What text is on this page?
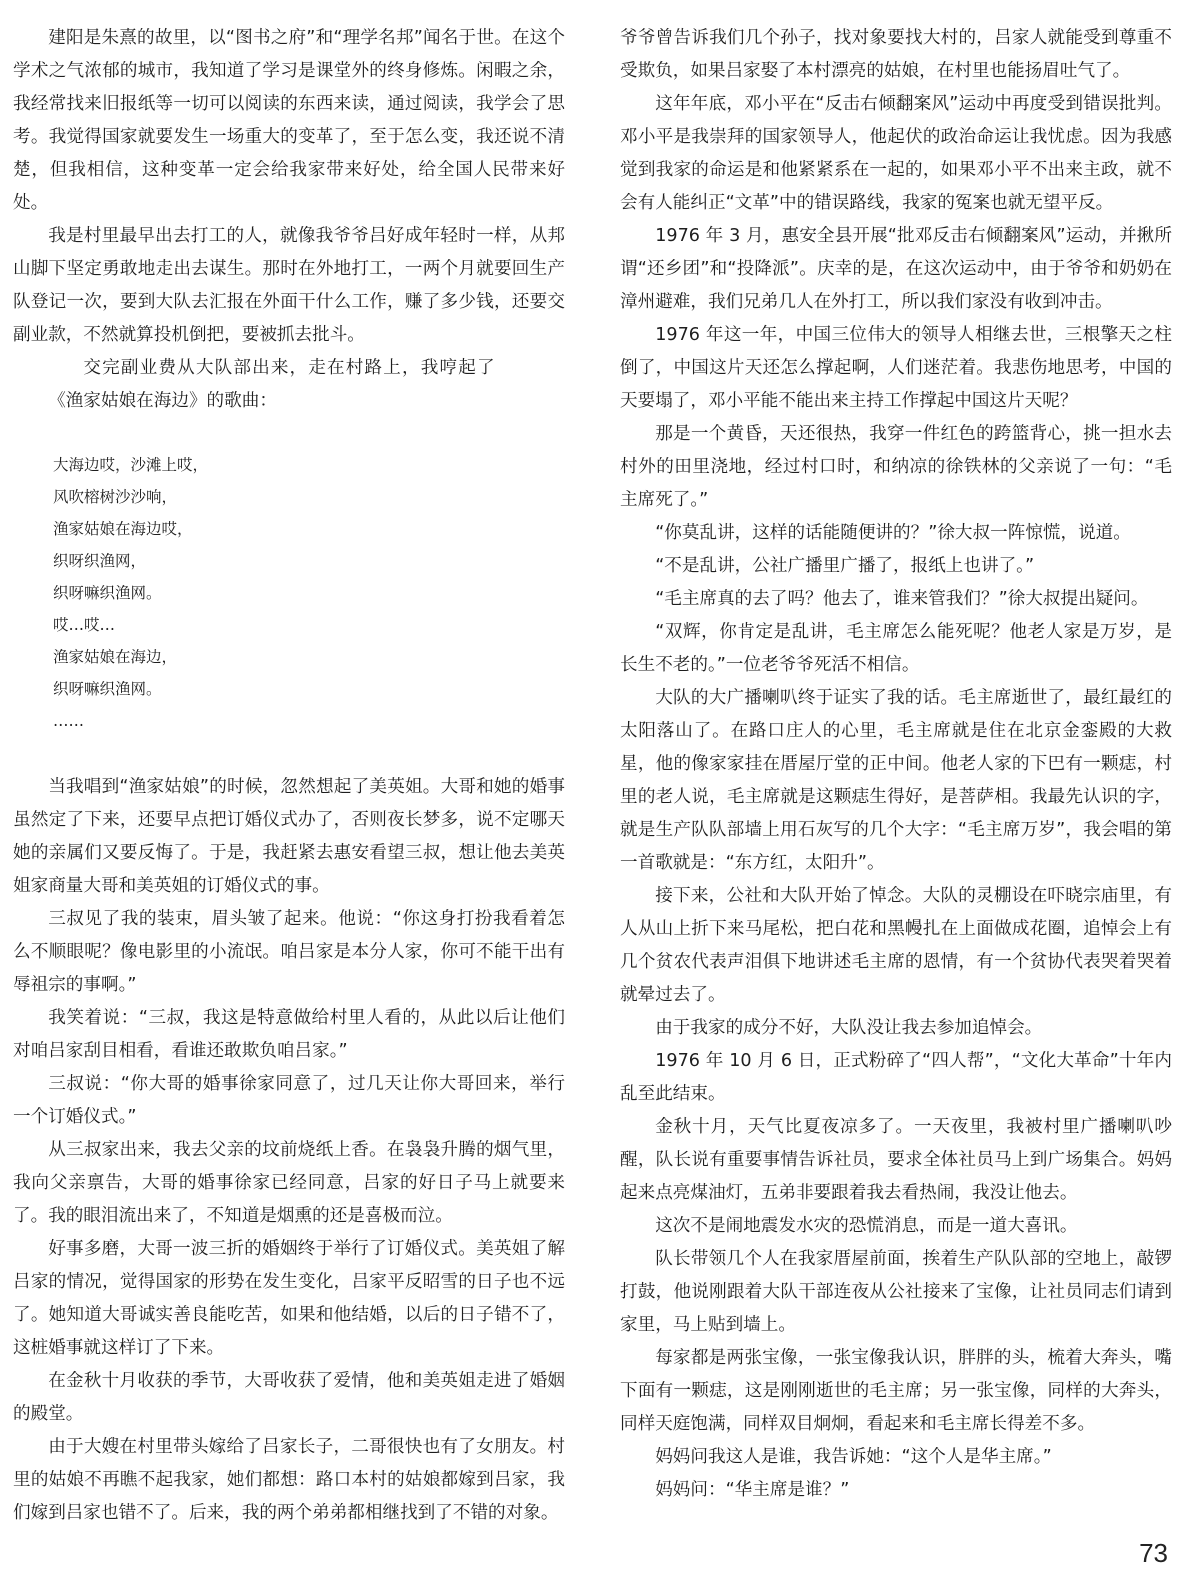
建阳是朱熹的故里，以“图书之府”和“理学名邦”闻名于世。在这个学术之气浓郁的城市，我知道了学习是课堂外的终身修炼。闲暇之余，我经常找来旧报纸等一切可以阅读的东西来读，通过阅读，我学会了思考。我觉得国家就要发生一场重大的变革了，至于怎么变，我还说不清楚，但我相信，这种变革一定会给我家带来好处，给全国人民带来好处。

我是村里最早出去打工的人，就像我爷爷吕好成年轻时一样，从邦山脚下坚定勇敢地走出去谋生。那时在外地打工，一两个月就要回生产队登记一次，要到大队去汇报在外面干什么工作，赚了多少钱，还要交副业款，不然就算投机倒把，要被抓去批斗。

交完副业费从大队部出来，走在村路上，我哼起了《渔家姑娘在海边》的歌曲：

大海边哎，沙滩上哎，
风吹榕树沙沙响，
渔家姑娘在海边哎，
织呀织渔网，
织呀嘛织渔网。
哎…哎…
渔家姑娘在海边，
织呀嘛织渔网。
……

当我唱到“渔家姑娘”的时候，忽然想起了美英姐。大哥和她的婚事虽然定了下来，还要早点把订婚仪式办了，否则夜长梦多，说不定哪天她的亲属们又要反悔了。于是，我赶紧去惠安看望三叔，想让他去美英姐家商量大哥和美英姐的订婚仪式的事。

三叔见了我的装束，眉头皱了起来。他说：“你这身打扮我看着怎么不顺眼呢？像电影里的小流氓。咱吕家是本分人家，你可不能干出有辱祖宗的事啊。”

我笑着说：“三叔，我这是特意做给村里人看的，从此以后让他们对咱吕家刮目相看，看谁还敢欺负咱吕家。”

三叔说：“你大哥的婚事徐家同意了，过几天让你大哥回来，举行一个订婚仪式。”

从三叔家出来，我去父亲的坟前烧纸上香。在袅袅升腾的烟气里，我向父亲禀告，大哥的婚事徐家已经同意，吕家的好日子马上就要来了。我的眼泪流出来了，不知道是烟熏的还是喜极而泣。

好事多磨，大哥一波三折的婚姻终于举行了订婚仪式。美英姐了解吕家的情况，觉得国家的形势在发生变化，吕家平反昭雪的日子也不远了。她知道大哥诚实善良能吃苦，如果和他结婚，以后的日子错不了，这桩婚事就这样订了下来。

在金秋十月收获的季节，大哥收获了爱情，他和美英姐走进了婚姻的殿堂。

由于大嫂在村里带头嫁给了吕家长子，二哥很快也有了女朋友。村里的姑娘不再瞧不起我家，她们都想：路口本村的姑娘都嫁到吕家，我们嫁到吕家也错不了。后来，我的两个弟弟都相继找到了不错的对象。

爷爷曾告诉我们几个孙子，找对象要找大村的，吕家人就能受到尊重不受欺负，如果吕家娶了本村漂亮的姑娘，在村里也能扬眉吐气了。

这年年底，邓小平在“反击右倾翻案风”运动中再度受到错误批判。邓小平是我崇拜的国家领导人，他起伏的政治命运让我忧虑。因为我感觉到我家的命运是和他紧紧系在一起的，如果邓小平不出来主政，就不会有人能纠正“文革”中的错误路线，我家的冤案也就无望平反。

1976 年 3 月，惠安全县开展“批邓反击右倾翻案风”运动，并揪所谓“还乡团”和“投降派”。庆幸的是，在这次运动中，由于爷爷和奶奶在漳州避难，我们兄弟几人在外打工，所以我们家没有收到冲击。

1976 年这一年，中国三位伟大的领导人相继去世，三根擎天之柱倒了，中国这片天还怎么撑起啊，人们迷茫着。我悲伤地思考，中国的天要塌了，邓小平能不能出来主持工作撑起中国这片天呢？

那是一个黄昏，天还很热，我穿一件红色的跨篮背心，挑一担水去村外的田里浇地，经过村口时，和纳凉的徐铁林的父亲说了一句：“毛主席死了。”

“你莫乱讲，这样的话能随便讲的？”徐大叔一阵惊慌，说道。

“不是乱讲，公社广播里广播了，报纸上也讲了。”

“毛主席真的去了吗？他去了，谁来管我们？”徐大叔提出疑问。

“双辉，你肯定是乱讲，毛主席怎么能死呢？他老人家是万岁，是长生不老的。”一位老爷爷死活不相信。

大队的大广播喇叭终于证实了我的话。毛主席逝世了，最红最红的太阳落山了。在路口庄人的心里，毛主席就是住在北京金銮殿的大救星，他的像家家挂在厝屋厅堂的正中间。他老人家的下巴有一颗痣，村里的老人说，毛主席就是这颗痣生得好，是菩萨相。我最先认识的字，就是生产队队部墙上用石灰写的几个大字：“毛主席万岁”，我会唱的第一首歌就是：“东方红，太阳升”。

接下来，公社和大队开始了悼念。大队的灵棚设在吓晓宗庙里，有人从山上折下来马尾松，把白花和黑幔扎在上面做成花圈，追悼会上有几个贫农代表声泪俱下地讲述毛主席的恩情，有一个贫协代表哭着哭着就晕过去了。

由于我家的成分不好，大队没让我去参加追悼会。

1976 年 10 月 6 日，正式粉碎了“四人帮”，“文化大革命”十年内乱至此结束。

金秋十月，天气比夏夜凉多了。一天夜里，我被村里广播喇叭吵醒，队长说有重要事情告诉社员，要求全体社员马上到广场集合。妈妈起来点亮煤油灯，五弟非要跟着我去看热闹，我没让他去。

这次不是闹地震发水灾的恐慌消息，而是一道大喜讯。

队长带领几个人在我家厝屋前面，挨着生产队队部的空地上，敲锣打鼓，他说刚跟着大队干部连夜从公社接来了宝像，让社员同志们请到家里，马上贴到墙上。

每家都是两张宝像，一张宝像我认识，胖胖的头，梳着大奔头，嘴下面有一颗痣，这是刚刚逝世的毛主席；另一张宝像，同样的大奔头，同样天庭饱满，同样双目炯炯，看起来和毛主席长得差不多。

妈妈问我这人是谁，我告诉她：“这个人是华主席。”

妈妈问：“华主席是谁？”

73
